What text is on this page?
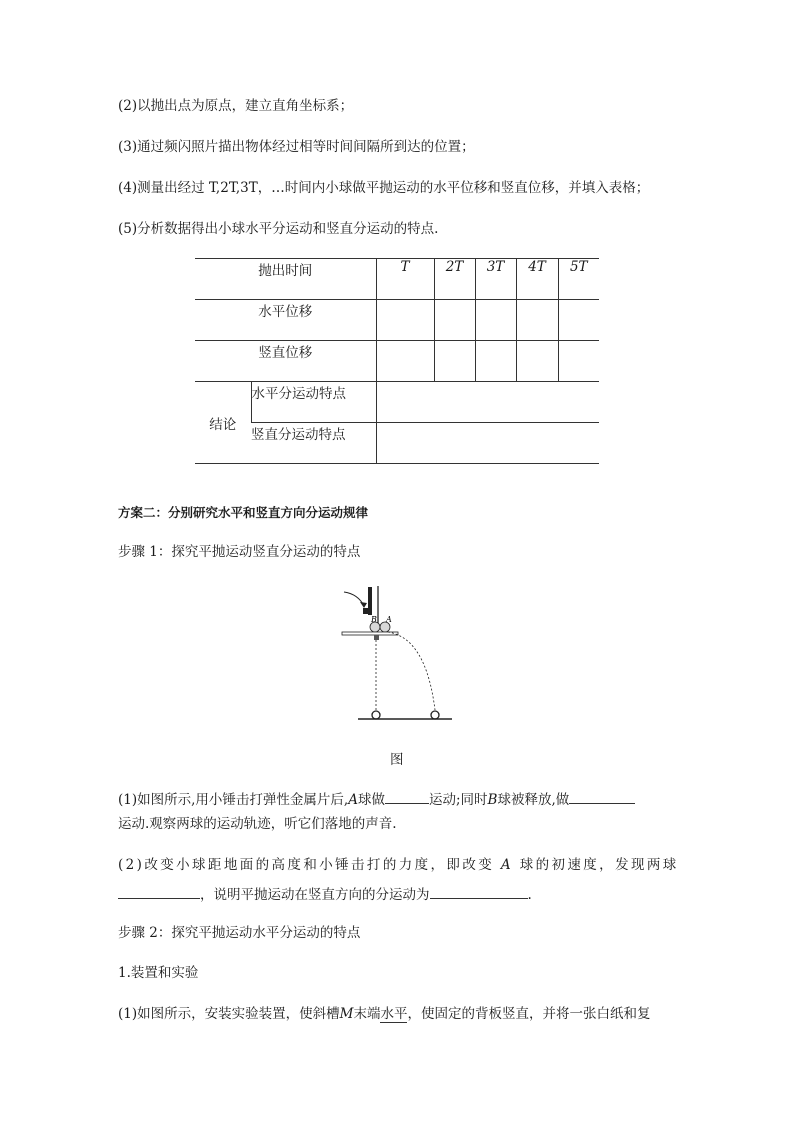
(2)以抛出点为原点，建立直角坐标系；
(3)通过频闪照片描出物体经过相等时间间隔所到达的位置；
(4)测量出经过 T,2T,3T，…时间内小球做平抛运动的水平位移和竖直位移，并填入表格；
(5)分析数据得出小球水平分运动和竖直分运动的特点.
抛出时间		T	2T	3T	4T	5T
水平位移						
竖直位移						
结论	水平分运动特点					
	竖直分运动特点					
方案二：分别研究水平和竖直方向分运动规律
步骤 1：探究平抛运动竖直分运动的特点
B A
图
(1)如图所示,用小锤击打弹性金属片后,A球做	运动;同时B球被释放,做
运动.观察两球的运动轨迹，听它们落地的声音.
(2)改变小球距地面的高度和小锤击打的力度，即改变 A 球的初速度，发现两球
，说明平抛运动在竖直方向的分运动为	.
步骤 2：探究平抛运动水平分运动的特点
1.装置和实验
(1)如图所示，安装实验装置，使斜槽M末端水平，使固定的背板竖直，并将一张白纸和复
